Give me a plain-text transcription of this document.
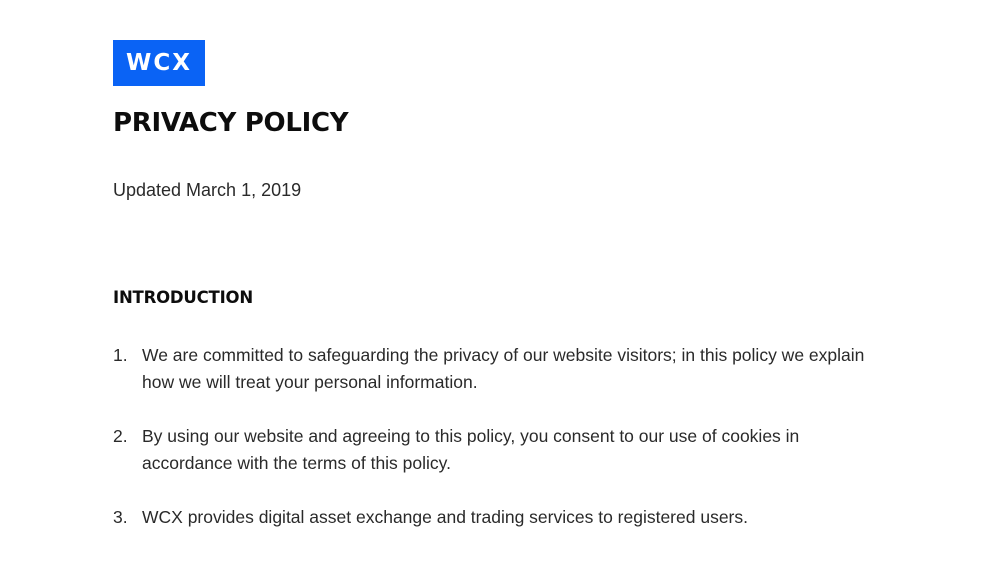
WCX
PRIVACY POLICY
Updated March 1, 2019
INTRODUCTION
1. We are committed to safeguarding the privacy of our website visitors; in this policy we explain how we will treat your personal information.
2. By using our website and agreeing to this policy, you consent to our use of cookies in accordance with the terms of this policy.
3. WCX provides digital asset exchange and trading services to registered users.
